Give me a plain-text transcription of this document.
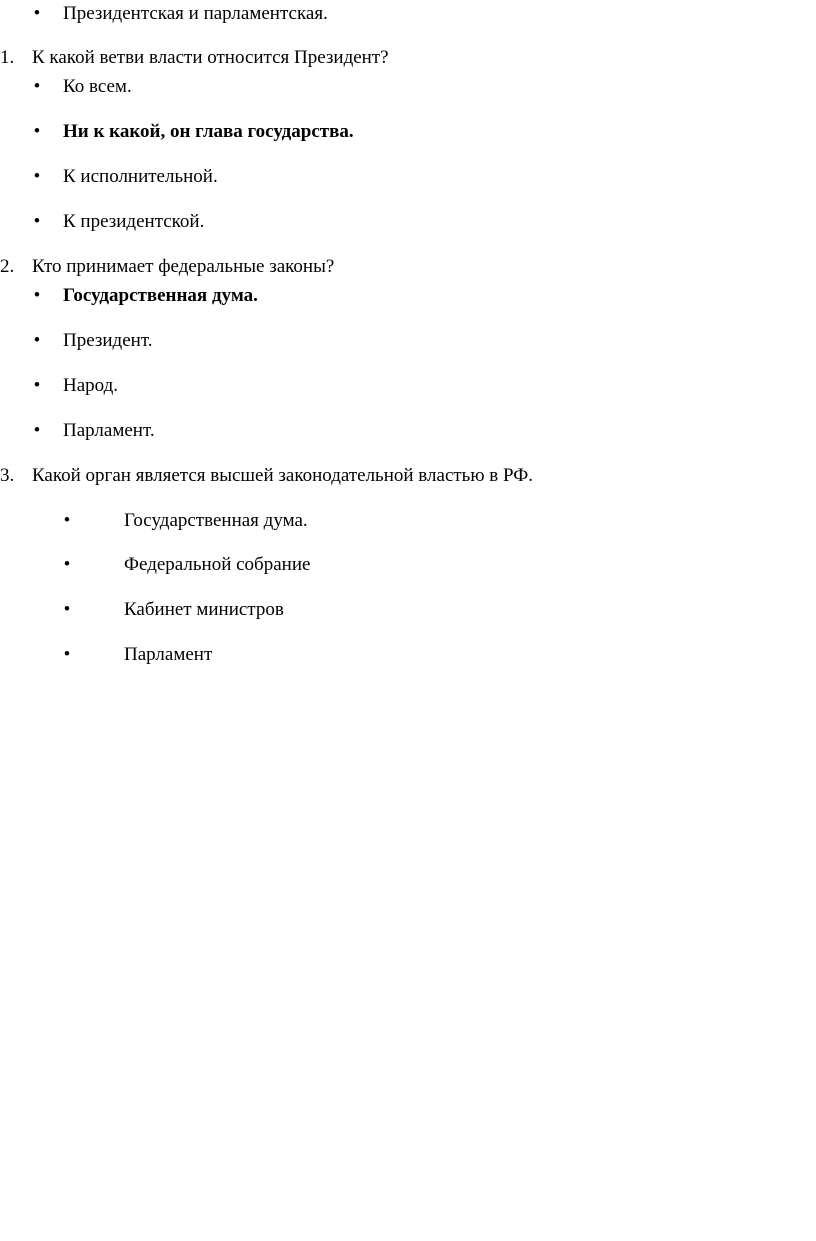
• Президентская и парламентская.
1. К какой ветви власти относится Президент?
• Ко всем.
• Ни к какой, он глава государства.
• К исполнительной.
• К президентской.
2. Кто принимает федеральные законы?
• Государственная дума.
• Президент.
• Народ.
• Парламент.
3. Какой орган является высшей законодательной властью в РФ.
•	Государственная дума.
•	Федеральной собрание
•	Кабинет министров
•	Парламент
